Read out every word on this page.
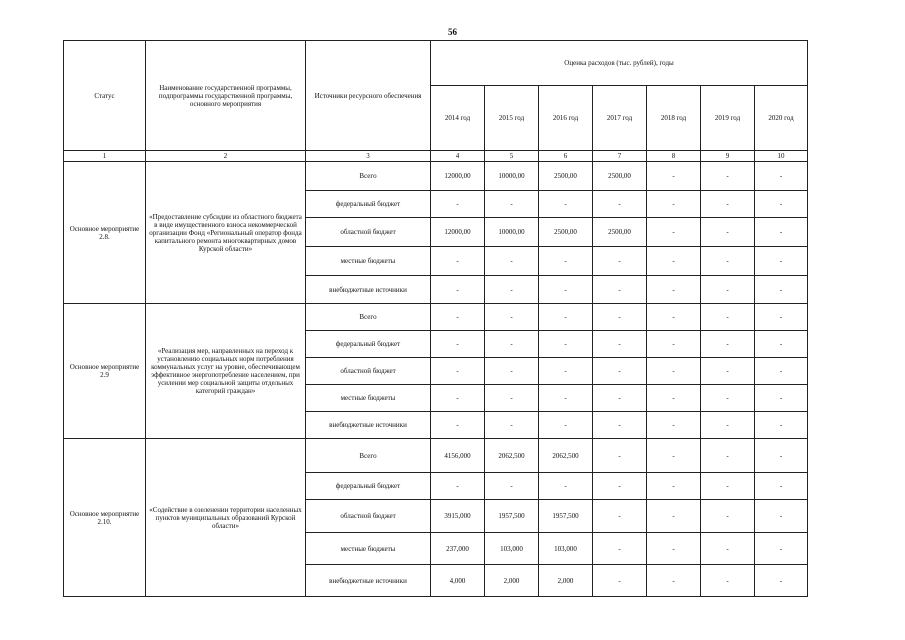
56
Статус	Наименование государственной программы, подпрограммы государственной программы, основного мероприятия	Источники ресурсного обеспечения	Оценка расходов (тыс. рублей), годы						
			2014 год	2015 год	2016 год	2017 год	2018 год	2019 год	2020 год
1	2	3	4	5	6	7	8	9	10
Основное мероприятие 2.8.	«Предоставление субсидии из областного бюджета в виде имущественного взноса некоммерческой организации Фонд «Региональный оператор фонда капитального ремонта многоквартирных домов Курской области»	Всего	12000,00	10000,00	2500,00	2500,00	-	-	-
		федеральный бюджет	-	-	-	-	-	-	-
		областной бюджет	12000,00	10000,00	2500,00	2500,00	-	-	-
		местные бюджеты	-	-	-	-	-	-	-
		внебюджетные источники	-	-	-	-	-	-	-
Основное мероприятие 2.9	«Реализация мер, направленных на переход к установлению социальных норм потребления коммунальных услуг на уровне, обеспечивающем эффективное энергопотребление населением, при усилении мер социальной защиты отдельных категорий граждан»	Всего	-	-	-	-	-	-	-
		федеральный бюджет	-	-	-	-	-	-	-
		областной бюджет	-	-	-	-	-	-	-
		местные бюджеты	-	-	-	-	-	-	-
		внебюджетные источники	-	-	-	-	-	-	-
Основное мероприятие 2.10.	«Содействие в озеленении территории населенных пунктов муниципальных образований Курской области»	Всего	4156,000	2062,500	2062,500	-	-	-	-
		федеральный бюджет	-	-	-	-	-	-	-
		областной бюджет	3915,000	1957,500	1957,500	-	-	-	-
		местные бюджеты	237,000	103,000	103,000	-	-	-	-
		внебюджетные источники	4,000	2,000	2,000	-	-	-	-
